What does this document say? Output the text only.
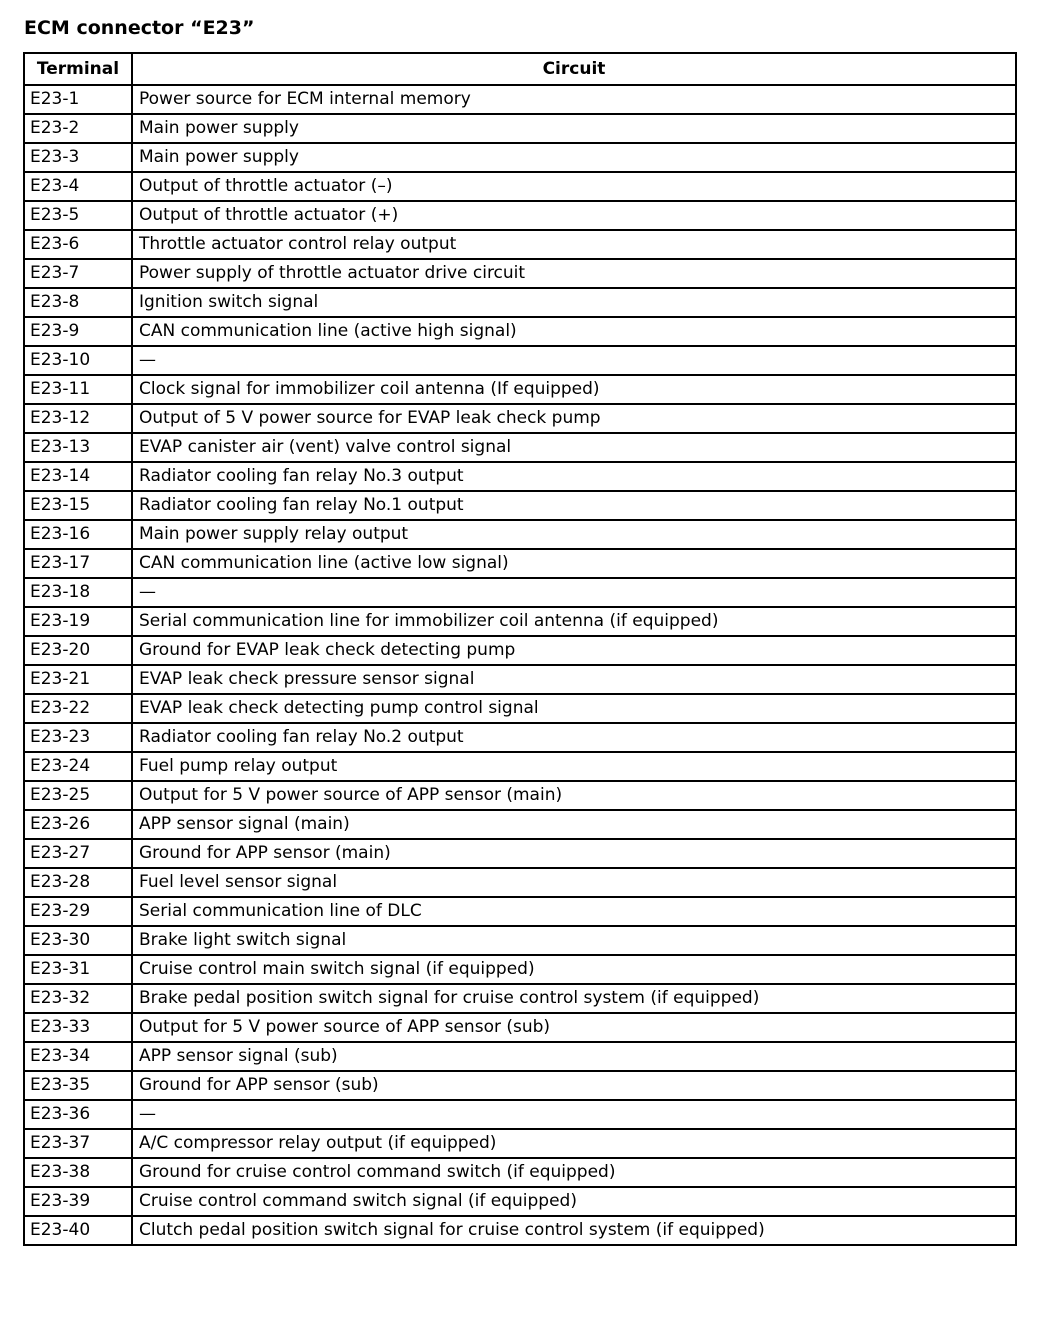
ECM connector “E23”
Terminal	Circuit
E23-1	Power source for ECM internal memory
E23-2	Main power supply
E23-3	Main power supply
E23-4	Output of throttle actuator (–)
E23-5	Output of throttle actuator (+)
E23-6	Throttle actuator control relay output
E23-7	Power supply of throttle actuator drive circuit
E23-8	Ignition switch signal
E23-9	CAN communication line (active high signal)
E23-10	—
E23-11	Clock signal for immobilizer coil antenna (If equipped)
E23-12	Output of 5 V power source for EVAP leak check pump
E23-13	EVAP canister air (vent) valve control signal
E23-14	Radiator cooling fan relay No.3 output
E23-15	Radiator cooling fan relay No.1 output
E23-16	Main power supply relay output
E23-17	CAN communication line (active low signal)
E23-18	—
E23-19	Serial communication line for immobilizer coil antenna (if equipped)
E23-20	Ground for EVAP leak check detecting pump
E23-21	EVAP leak check pressure sensor signal
E23-22	EVAP leak check detecting pump control signal
E23-23	Radiator cooling fan relay No.2 output
E23-24	Fuel pump relay output
E23-25	Output for 5 V power source of APP sensor (main)
E23-26	APP sensor signal (main)
E23-27	Ground for APP sensor (main)
E23-28	Fuel level sensor signal
E23-29	Serial communication line of DLC
E23-30	Brake light switch signal
E23-31	Cruise control main switch signal (if equipped)
E23-32	Brake pedal position switch signal for cruise control system (if equipped)
E23-33	Output for 5 V power source of APP sensor (sub)
E23-34	APP sensor signal (sub)
E23-35	Ground for APP sensor (sub)
E23-36	—
E23-37	A/C compressor relay output (if equipped)
E23-38	Ground for cruise control command switch (if equipped)
E23-39	Cruise control command switch signal (if equipped)
E23-40	Clutch pedal position switch signal for cruise control system (if equipped)
